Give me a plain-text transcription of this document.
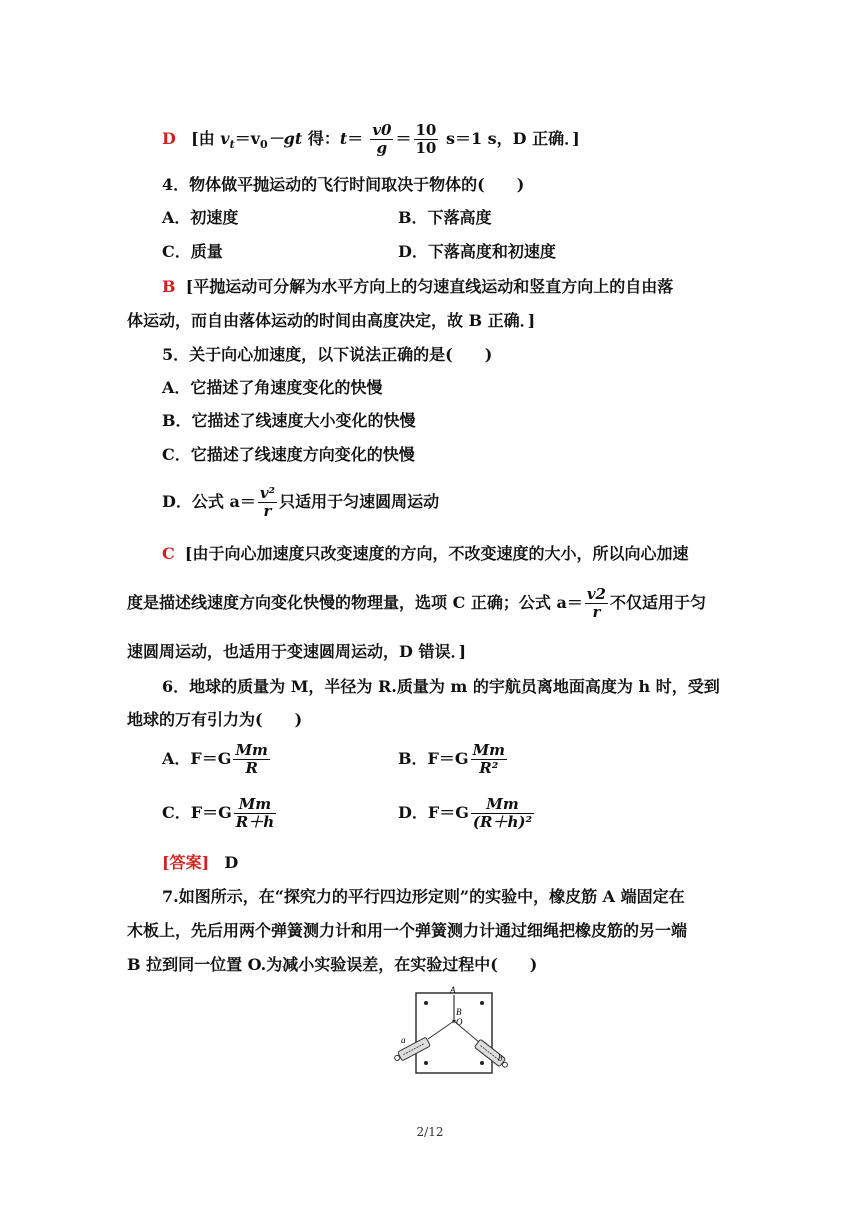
D [由 $v_t=v_0-gt$ 得：$t= \frac{v0}{g} = \frac{10}{10} s=1$ s，D 正确．]
4．物体做平抛运动的飞行时间取决于物体的(　　)
A．初速度	B．下落高度
C．质量	D．下落高度和初速度
B [平抛运动可分解为水平方向上的匀速直线运动和竖直方向上的自由落
体运动，而自由落体运动的时间由高度决定，故 B 正确．]
5．关于向心加速度，以下说法正确的是(　　)
A．它描述了角速度变化的快慢
B．它描述了线速度大小变化的快慢
C．它描述了线速度方向变化的快慢
D．公式 $a= \frac{\text{v²}}{r}$ 只适用于匀速圆周运动
C [由于向心加速度只改变速度的方向，不改变速度的大小，所以向心加速
度是描述线速度方向变化快慢的物理量，选项 C 正确；公式 $a= \frac{v2}{r}$ 不仅适用于匀
速圆周运动，也适用于变速圆周运动，D 错误．]
6．地球的质量为 M，半径为 R.质量为 m 的宇航员离地面高度为 h 时，受到
地球的万有引力为(　　)
A．$F=G \frac{Mm}{R}$	B．$F=G \frac{Mm}{\text{R²}}$
C．$F=G \frac{Mm}{R+h}$	D．$F=G \frac{Mm}{\text{(R＋h)²}}$
[答案] D
7.如图所示，在“探究力的平行四边形定则”的实验中，橡皮筋 A 端固定在
木板上，先后用两个弹簧测力计和用一个弹簧测力计通过细绳把橡皮筋的另一端
B 拉到同一位置 O.为减小实验误差，在实验过程中(　　)
A
B
O
a
b
2/12
